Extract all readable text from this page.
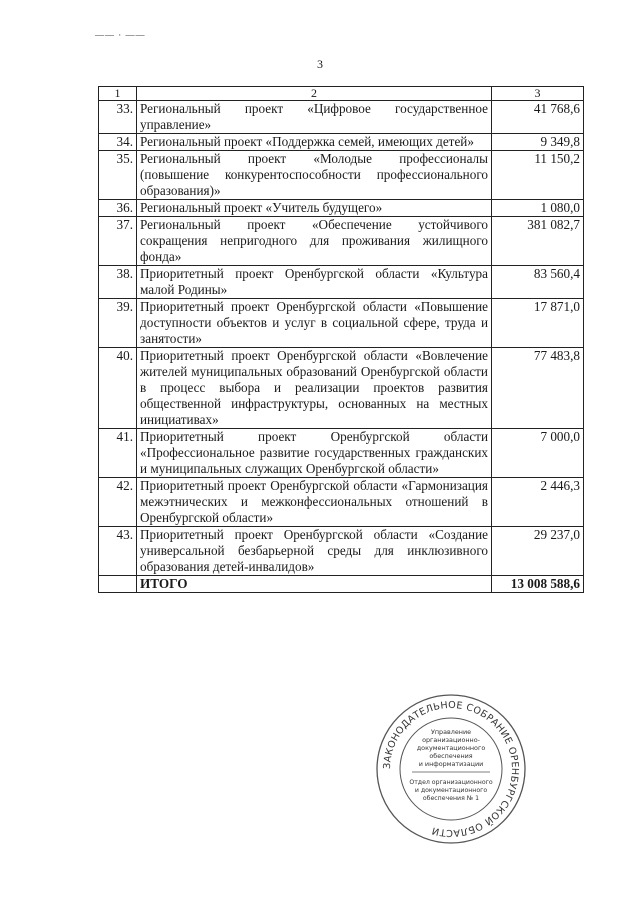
—— · ——
3
1	2	3
33.	Региональный проект «Цифровое государственное управление»	41 768,6
34.	Региональный проект «Поддержка семей, имеющих детей»	9 349,8
35.	Региональный проект «Молодые профессионалы (повышение конкурентоспособности профессионального образования)»	11 150,2
36.	Региональный проект «Учитель будущего»	1 080,0
37.	Региональный проект «Обеспечение устойчивого сокращения непригодного для проживания жилищного фонда»	381 082,7
38.	Приоритетный проект Оренбургской области «Культура малой Родины»	83 560,4
39.	Приоритетный проект Оренбургской области «Повышение доступности объектов и услуг в социальной сфере, труда и занятости»	17 871,0
40.	Приоритетный проект Оренбургской области «Вовлечение жителей муниципальных образований Оренбургской области в процесс выбора и реализации проектов развития общественной инфраструктуры, основанных на местных инициативах»	77 483,8
41.	Приоритетный проект Оренбургской области «Профессиональное развитие государственных гражданских и муниципальных служащих Оренбургской области»	7 000,0
42.	Приоритетный проект Оренбургской области «Гармонизация межэтнических и межконфессиональных отношений в Оренбургской области»	2 446,3
43.	Приоритетный проект Оренбургской области «Создание универсальной безбарьерной среды для инклюзивного образования детей-инвалидов»	29 237,0
	ИТОГО	13 008 588,6
ЗАКОНОДАТЕЛЬНОЕ СОБРАНИЕ ОРЕНБУРГСКОЙ ОБЛАСТИ
Управление
организационно-
документационного
обеспечения
и информатизации
Отдел организационного
и документационного
обеспечения № 1
